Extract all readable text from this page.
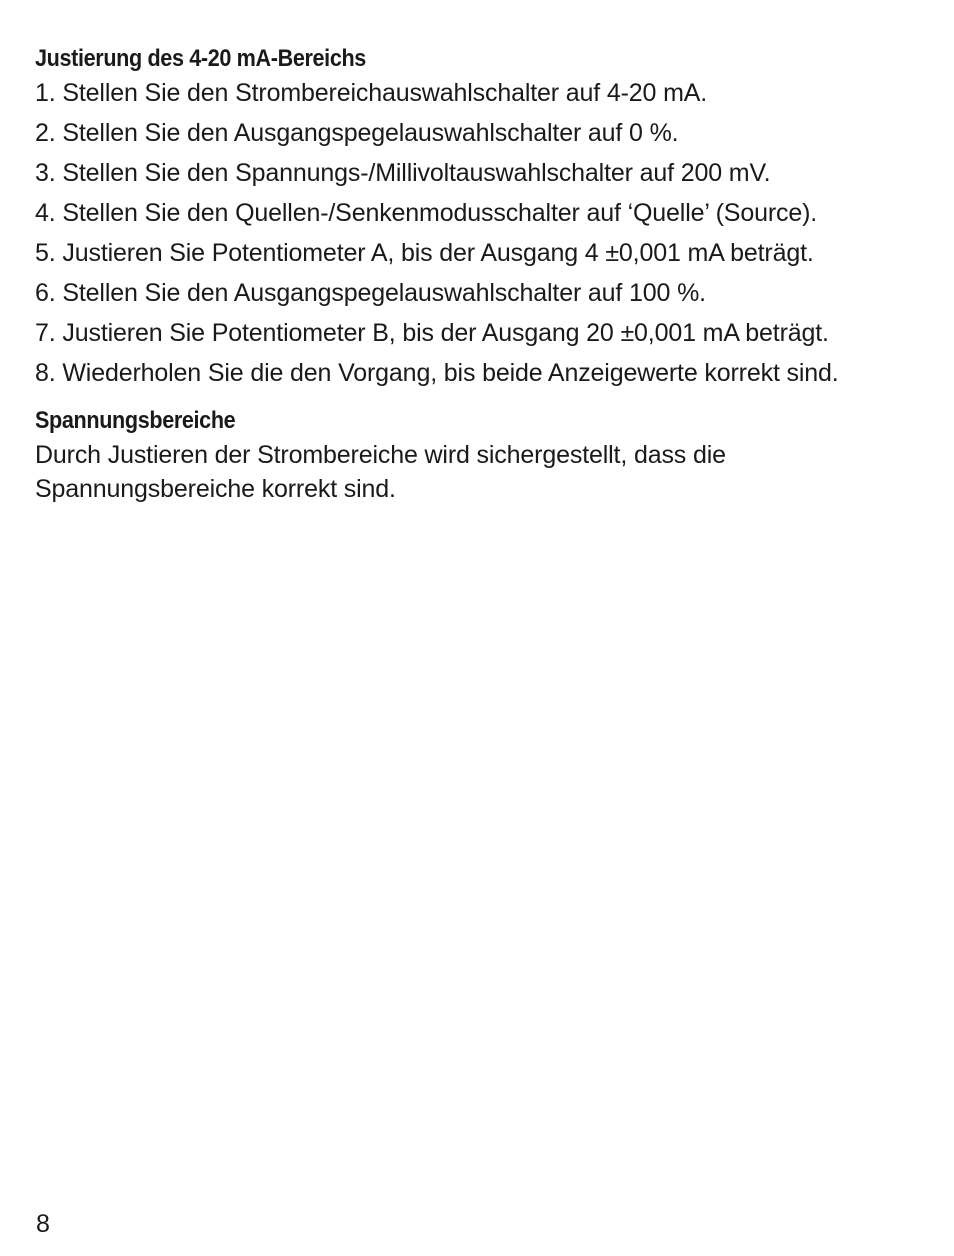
Justierung des 4-20 mA-Bereichs
1. Stellen Sie den Strombereichauswahlschalter auf 4-20 mA.
2. Stellen Sie den Ausgangspegelauswahlschalter auf 0 %.
3. Stellen Sie den Spannungs-/Millivoltauswahlschalter auf 200 mV.
4. Stellen Sie den Quellen-/Senkenmodusschalter auf ‘Quelle’ (Source).
5. Justieren Sie Potentiometer A, bis der Ausgang 4 ±0,001 mA beträgt.
6. Stellen Sie den Ausgangspegelauswahlschalter auf 100 %.
7. Justieren Sie Potentiometer B, bis der Ausgang 20 ±0,001 mA beträgt.
8. Wiederholen Sie die den Vorgang, bis beide Anzeigewerte korrekt sind.
Spannungsbereiche

Durch Justieren der Strombereiche wird sichergestellt, dass die Spannungsbereiche korrekt sind.

8
